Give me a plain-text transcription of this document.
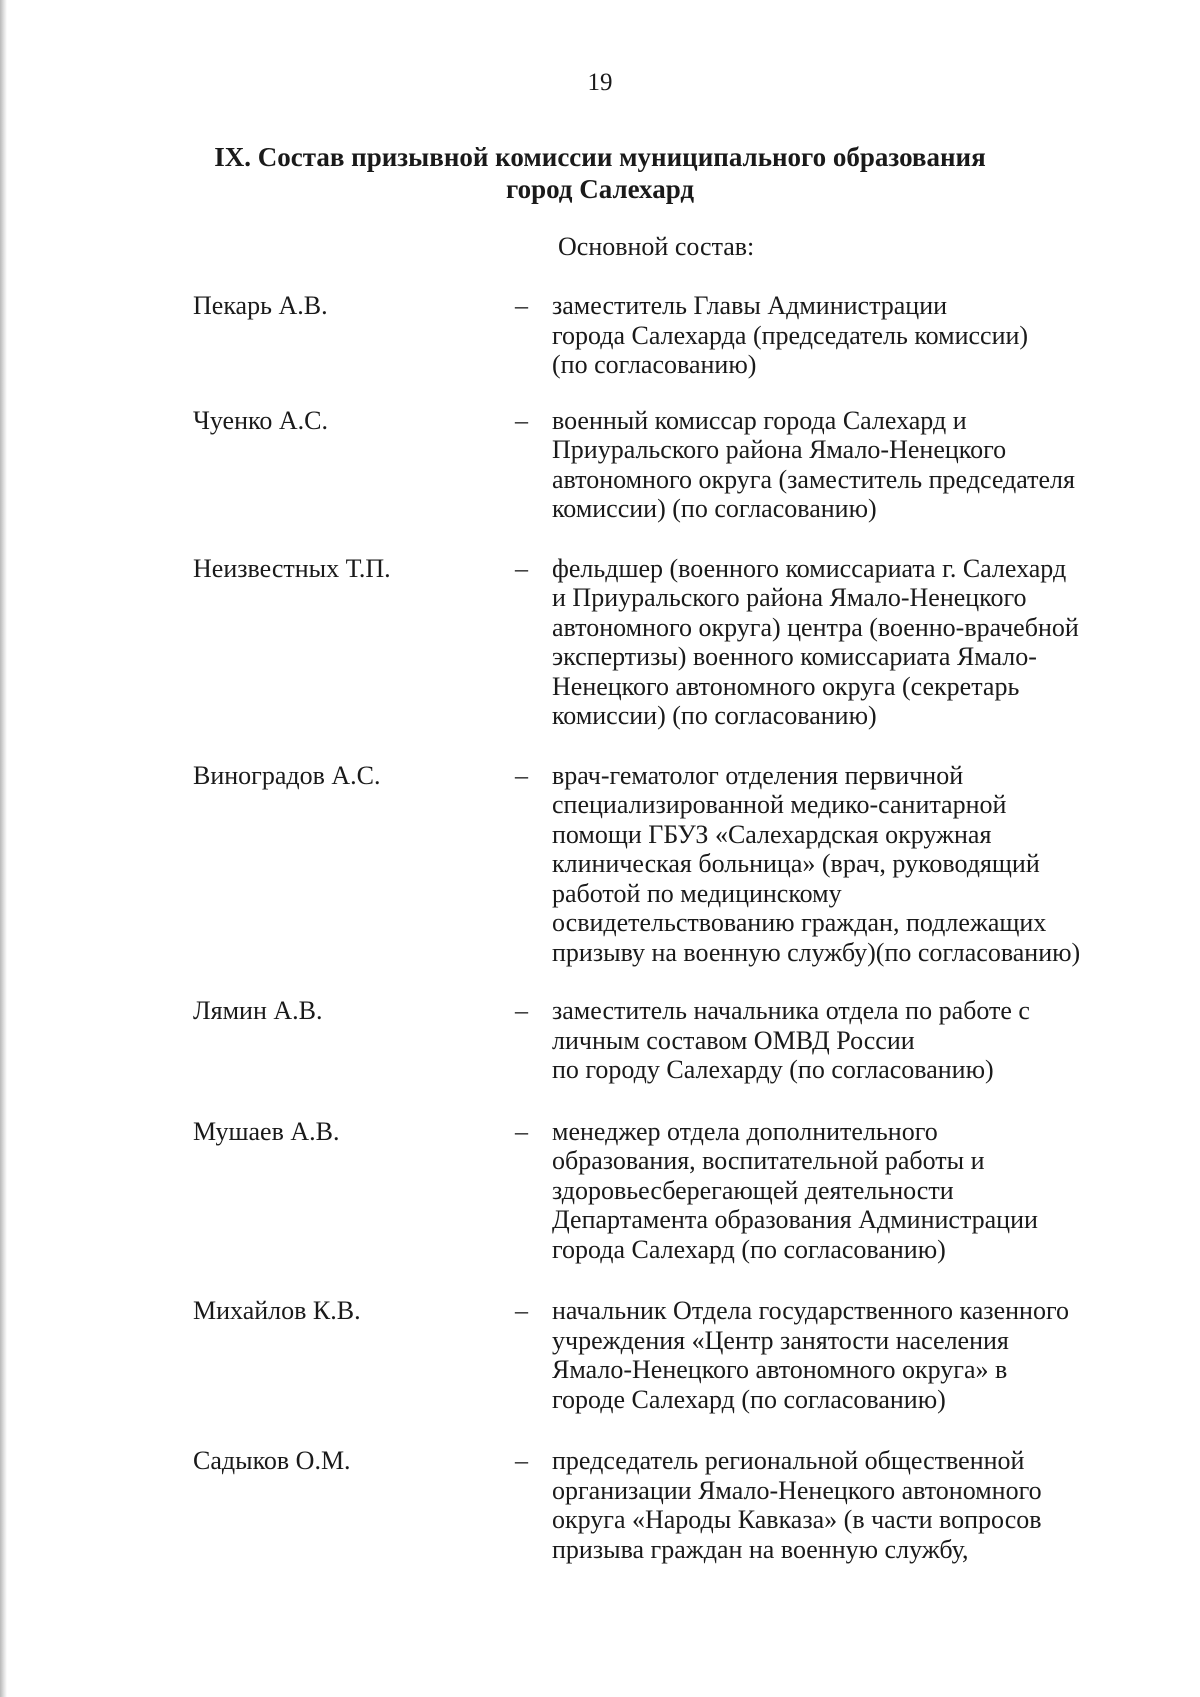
19
IX. Состав призывной комиссии муниципального образования
город Салехард
Основной состав:
Пекарь А.В.	– заместитель Главы Администрации
города Салехарда (председатель комиссии)
(по согласованию)
Чуенко А.С.	– военный комиссар города Салехард и
Приуральского района Ямало-Ненецкого
автономного округа (заместитель председателя
комиссии) (по согласованию)
Неизвестных Т.П.	– фельдшер (военного комиссариата г. Салехард
и Приуральского района Ямало-Ненецкого
автономного округа) центра (военно-врачебной
экспертизы) военного комиссариата Ямало-
Ненецкого автономного округа (секретарь
комиссии) (по согласованию)
Виноградов А.С.	– врач-гематолог отделения первичной
специализированной медико-санитарной
помощи ГБУЗ «Салехардская окружная
клиническая больница» (врач, руководящий
работой по медицинскому
освидетельствованию граждан, подлежащих
призыву на военную службу)(по согласованию)
Лямин А.В.	– заместитель начальника отдела по работе с
личным составом ОМВД России
по городу Салехарду (по согласованию)
Мушаев А.В.	– менеджер отдела дополнительного
образования, воспитательной работы и
здоровьесберегающей деятельности
Департамента образования Администрации
города Салехард (по согласованию)
Михайлов К.В.	– начальник Отдела государственного казенного
учреждения «Центр занятости населения
Ямало-Ненецкого автономного округа» в
городе Салехард (по согласованию)
Садыков О.М.	– председатель региональной общественной
организации Ямало-Ненецкого автономного
округа «Народы Кавказа» (в части вопросов
призыва граждан на военную службу,
